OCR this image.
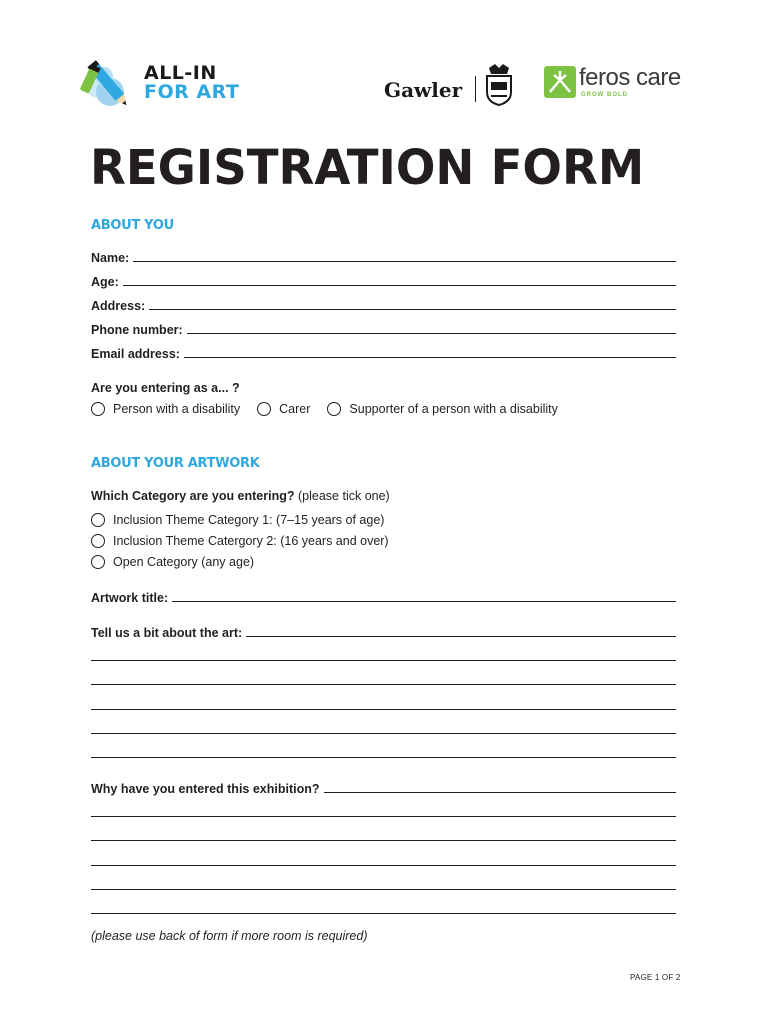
ALL-IN
FOR ART	Gawler	feros care
GROW BOLD
REGISTRATION FORM
ABOUT YOU
Name:
Age:
Address:
Phone number:
Email address:
Are you entering as a... ?
Person with a disability	Carer	Supporter of a person with a disability
ABOUT YOUR ARTWORK
Which Category are you entering? (please tick one)
Inclusion Theme Category 1: (7–15 years of age)
Inclusion Theme Catergory 2: (16 years and over)
Open Category (any age)
Artwork title:
Tell us a bit about the art:
Why have you entered this exhibition?
(please use back of form if more room is required)
PAGE 1 OF 2
